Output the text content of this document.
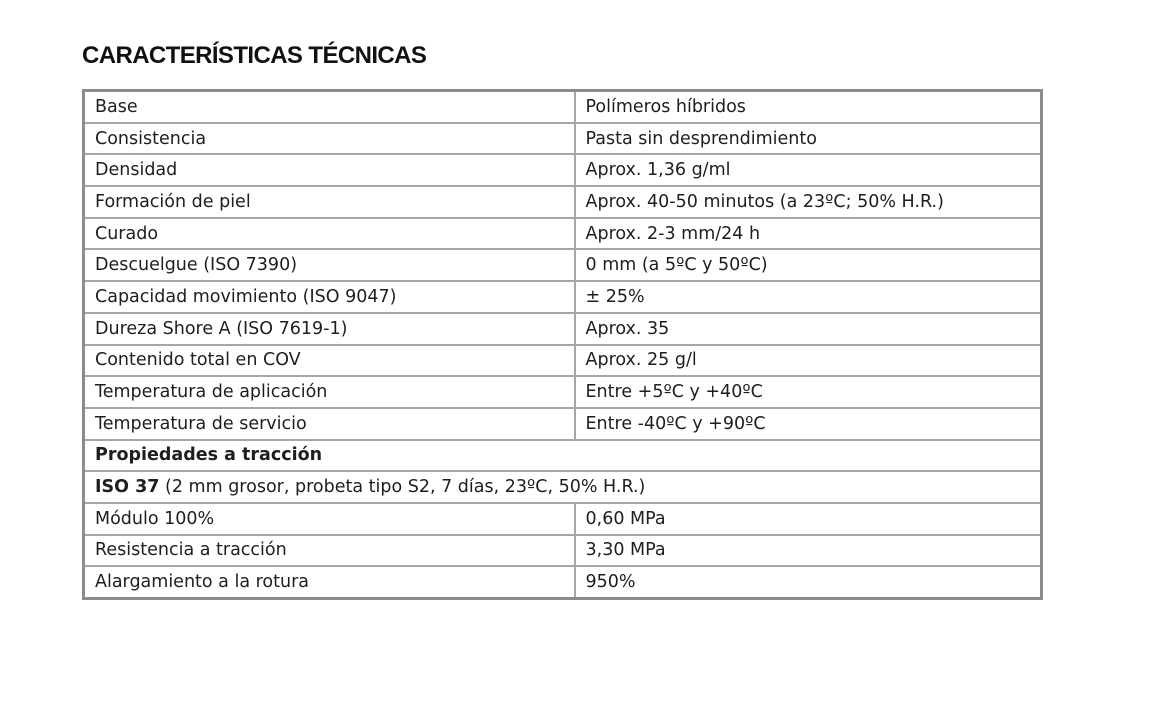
CARACTERÍSTICAS TÉCNICAS
Base	Polímeros híbridos
Consistencia	Pasta sin desprendimiento
Densidad	Aprox. 1,36 g/ml
Formación de piel	Aprox. 40-50 minutos (a 23ºC; 50% H.R.)
Curado	Aprox. 2-3 mm/24 h
Descuelgue (ISO 7390)	0 mm (a 5ºC y 50ºC)
Capacidad movimiento (ISO 9047)	± 25%
Dureza Shore A (ISO 7619-1)	Aprox. 35
Contenido total en COV	Aprox. 25 g/l
Temperatura de aplicación	Entre +5ºC y +40ºC
Temperatura de servicio	Entre -40ºC y +90ºC
Propiedades a tracción	
ISO 37 (2 mm grosor, probeta tipo S2, 7 días, 23ºC, 50% H.R.)	
Módulo 100%	0,60 MPa
Resistencia a tracción	3,30 MPa
Alargamiento a la rotura	950%
